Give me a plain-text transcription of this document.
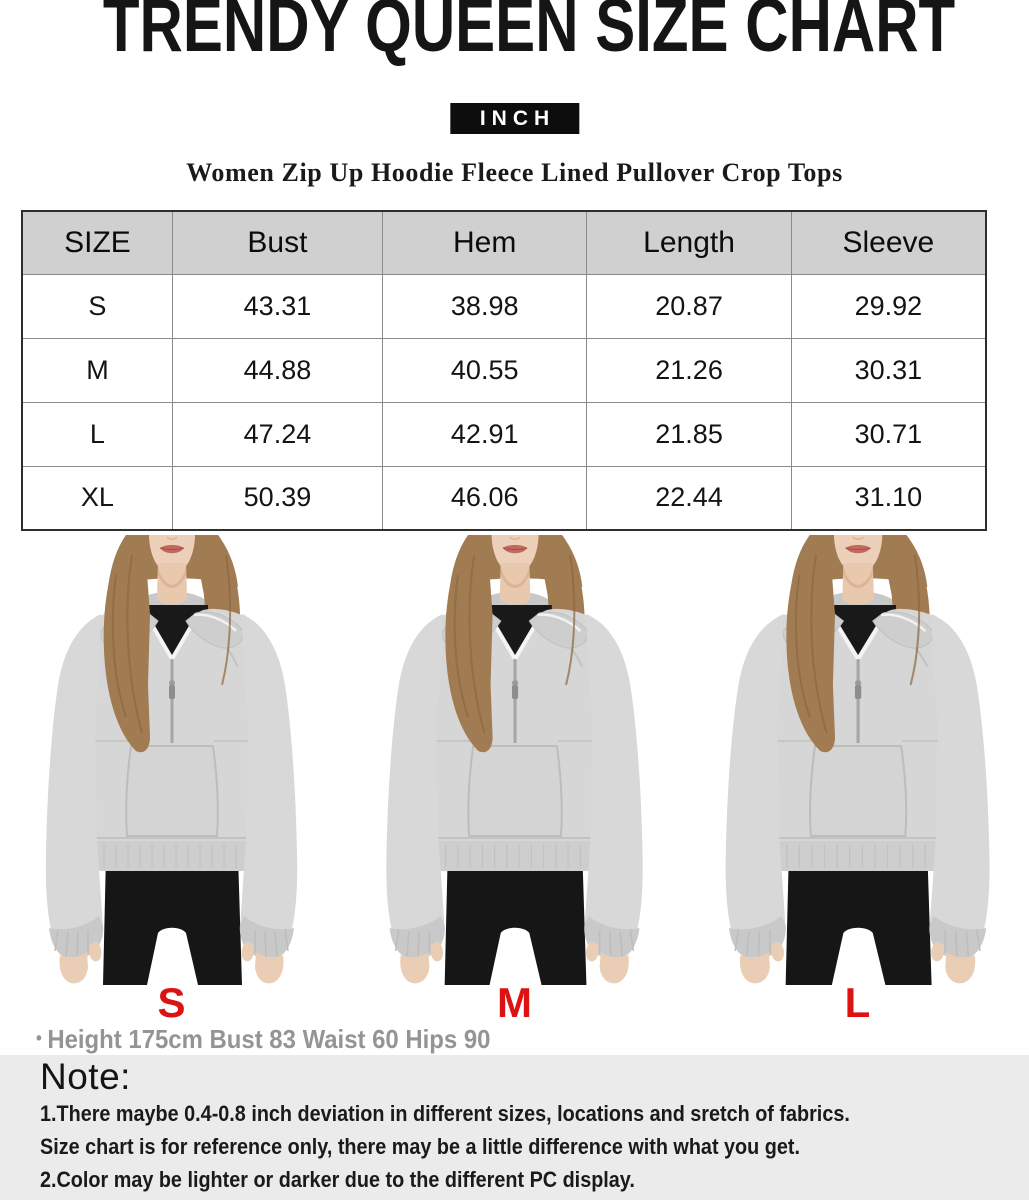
TRENDY QUEEN SIZE CHART
INCH
Women Zip Up Hoodie Fleece Lined Pullover Crop Tops
SIZE	Bust	Hem	Length	Sleeve
S	43.31	38.98	20.87	29.92
M	44.88	40.55	21.26	30.31
L	47.24	42.91	21.85	30.71
XL	50.39	46.06	22.44	31.10
S	M	L
• Height 175cm Bust 83 Waist 60 Hips 90
Note:
1.There maybe 0.4-0.8 inch deviation in different sizes, locations and sretch of fabrics.
Size chart is for reference only, there may be a little difference with what you get.
2.Color may be lighter or darker due to the different PC display.
